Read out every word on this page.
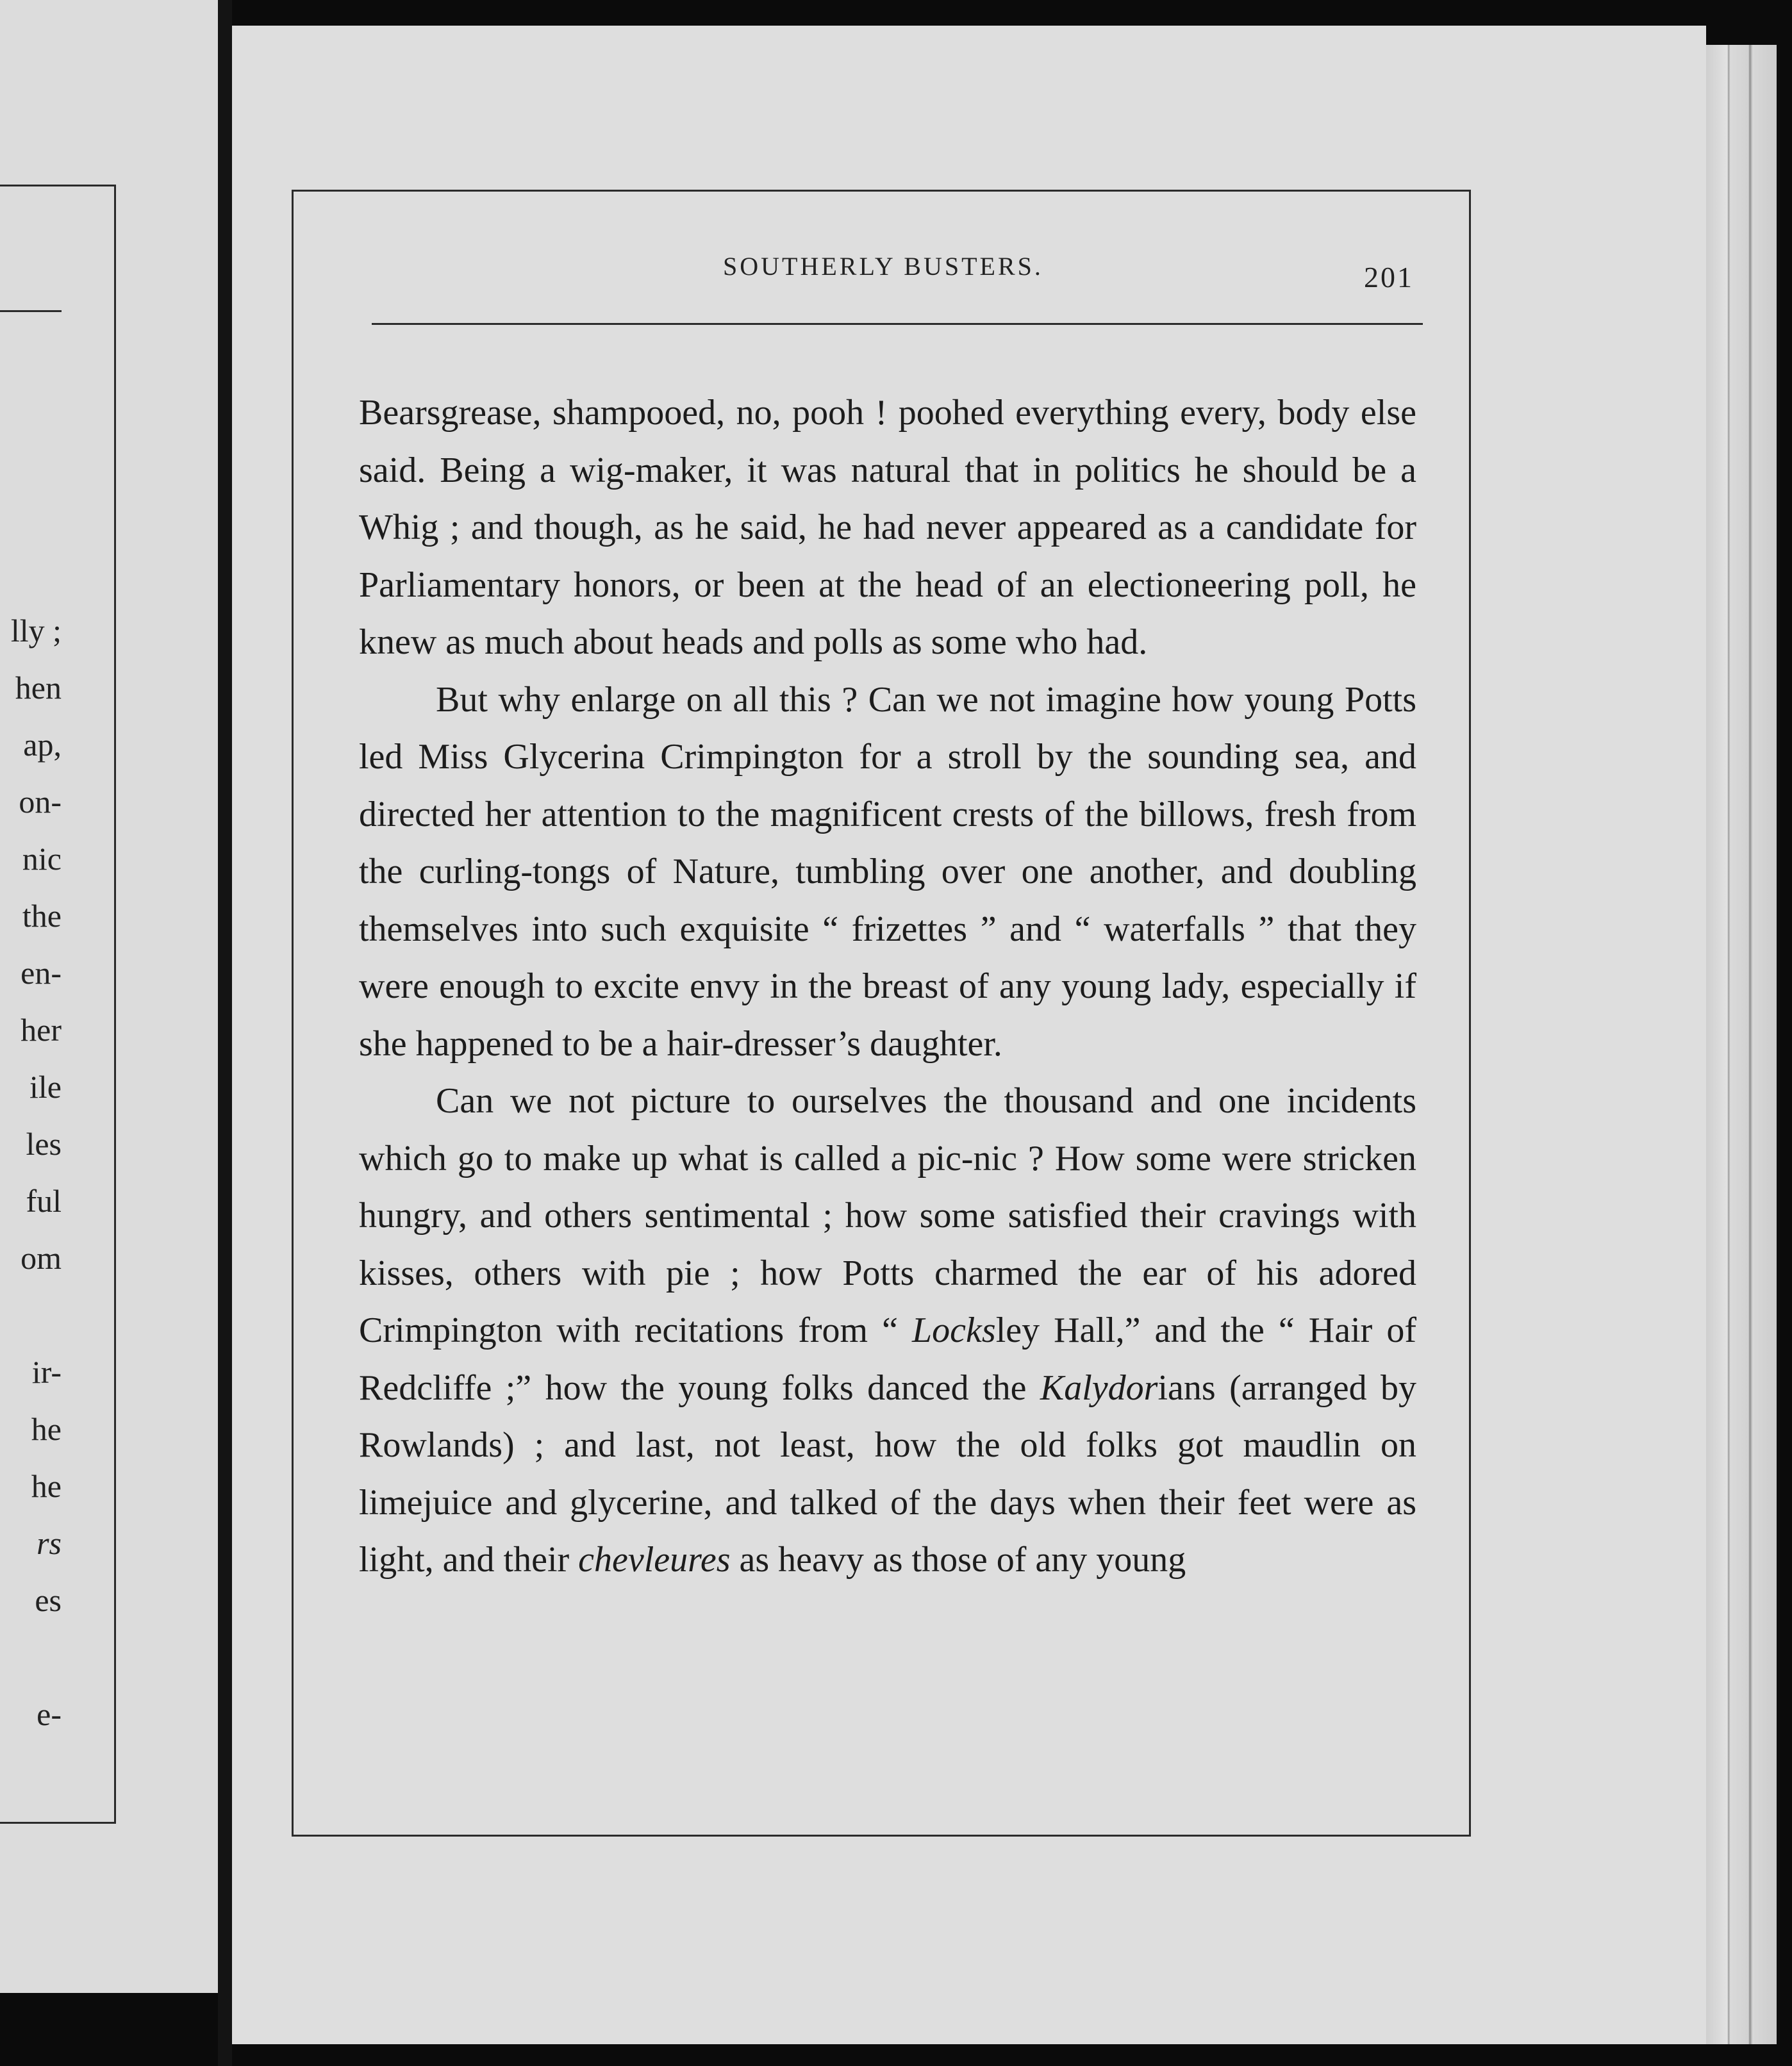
lly ;
hen
ap,
on-
nic
the
en-
her
ile
les
ful
om
ir-
he
he
rs
es
e-
SOUTHERLY BUSTERS.	201

Bearsgrease, shampooed, no, pooh ! poohed everything every, body else said. Being a wig-maker, it was natural that in politics he should be a Whig ; and though, as he said, he had never appeared as a candidate for Parliamentary honors, or been at the head of an electioneering poll, he knew as much about heads and polls as some who had.

But why enlarge on all this ? Can we not imagine how young Potts led Miss Glycerina Crimpington for a stroll by the sounding sea, and directed her attention to the magnificent crests of the billows, fresh from the curling-tongs of Nature, tumbling over one another, and doubling themselves into such exquisite “ frizettes ” and “ waterfalls ” that they were enough to excite envy in the breast of any young lady, especially if she happened to be a hair-dresser’s daughter.

Can we not picture to ourselves the thousand and one incidents which go to make up what is called a pic-nic ? How some were stricken hungry, and others sentimental ; how some satisfied their cravings with kisses, others with pie ; how Potts charmed the ear of his adored Crimpington with recitations from “ Locksley Hall,” and the “ Hair of Redcliffe ;” how the young folks danced the Kalydorians (arranged by Rowlands) ; and last, not least, how the old folks got maudlin on limejuice and glycerine, and talked of the days when their feet were as light, and their chevleures as heavy as those of any young
